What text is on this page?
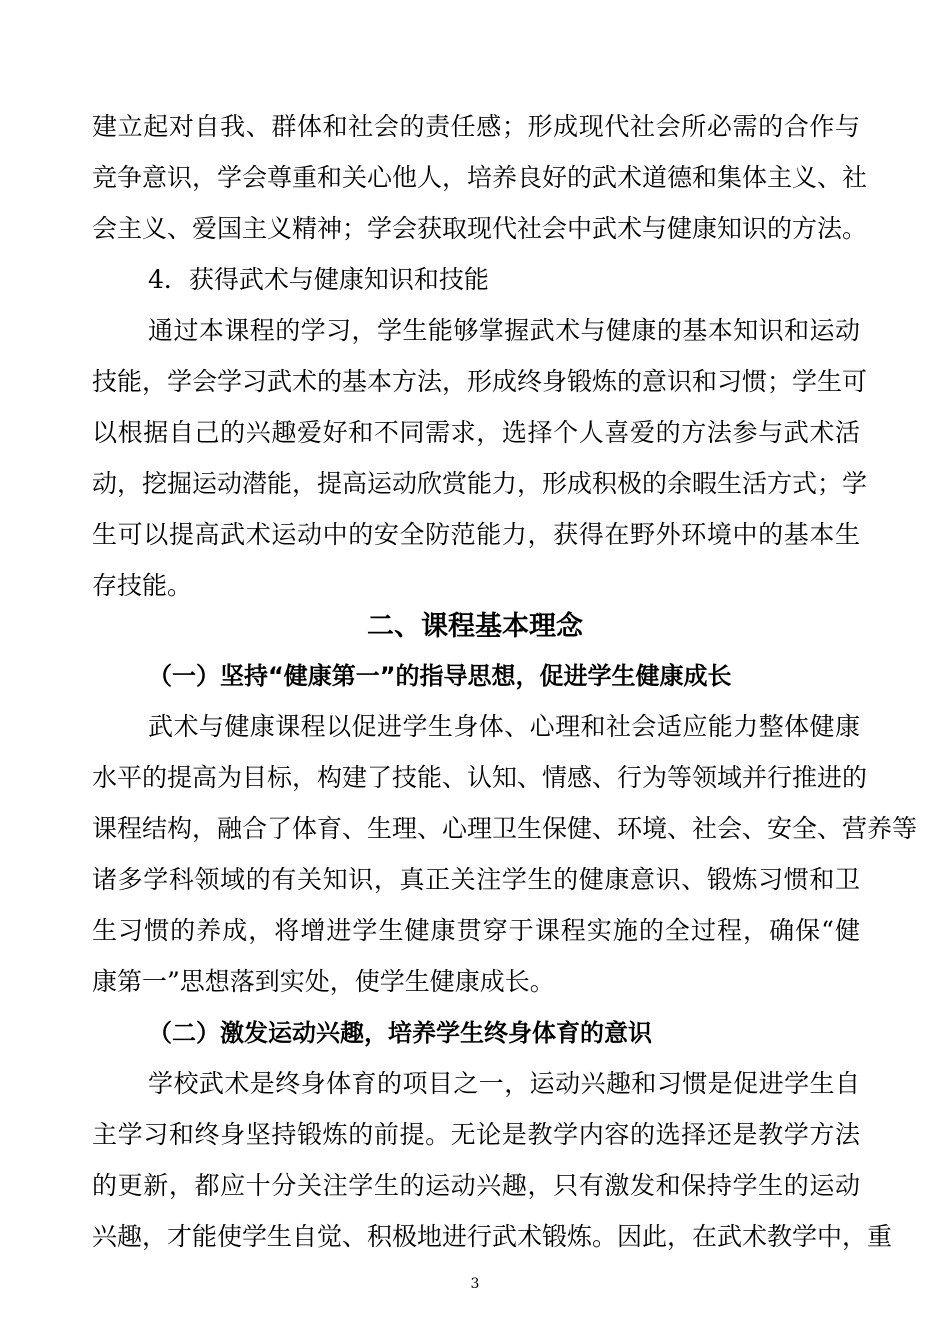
建立起对自我、群体和社会的责任感；形成现代社会所必需的合作与
竞争意识，学会尊重和关心他人，培养良好的武术道德和集体主义、社
会主义、爱国主义精神；学会获取现代社会中武术与健康知识的方法。
4．获得武术与健康知识和技能
通过本课程的学习，学生能够掌握武术与健康的基本知识和运动
技能，学会学习武术的基本方法，形成终身锻炼的意识和习惯；学生可
以根据自己的兴趣爱好和不同需求，选择个人喜爱的方法参与武术活
动，挖掘运动潜能，提高运动欣赏能力，形成积极的余暇生活方式；学
生可以提高武术运动中的安全防范能力，获得在野外环境中的基本生
存技能。
二、课程基本理念
（一）坚持“健康第一”的指导思想，促进学生健康成长
武术与健康课程以促进学生身体、心理和社会适应能力整体健康
水平的提高为目标，构建了技能、认知、情感、行为等领域并行推进的
课程结构，融合了体育、生理、心理卫生保健、环境、社会、安全、营养等
诸多学科领域的有关知识，真正关注学生的健康意识、锻炼习惯和卫
生习惯的养成，将增进学生健康贯穿于课程实施的全过程，确保“健
康第一”思想落到实处，使学生健康成长。
（二）激发运动兴趣，培养学生终身体育的意识
学校武术是终身体育的项目之一，运动兴趣和习惯是促进学生自
主学习和终身坚持锻炼的前提。无论是教学内容的选择还是教学方法
的更新，都应十分关注学生的运动兴趣，只有激发和保持学生的运动
兴趣，才能使学生自觉、积极地进行武术锻炼。因此，在武术教学中，重
3
